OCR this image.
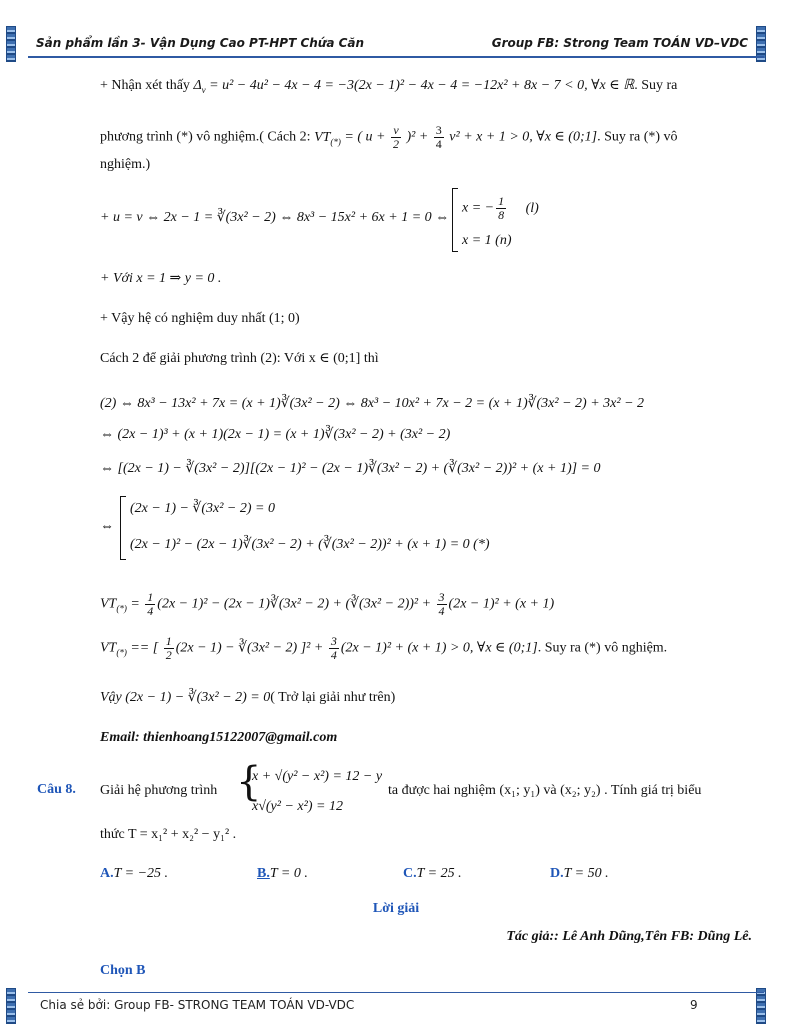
Sản phẩm lần 3- Vận Dụng Cao PT-HPT Chứa Căn	Group FB: Strong Team TOÁN VD–VDC
+ Nhận xét thấy $\Delta_v = u^2 - 4u^2 - 4x - 4 = -3(2x - 1)^2 - 4x - 4 = -12x^2 + 8x - 7 < 0$, ∀x ∈ ℝ. Suy ra
phương trình (*) vô nghiệm.( Cách 2: $VT_{(*)}$ = ( $u + \frac{v}{2} )^2 + \frac{3}{4} v^2 + x + 1 > 0$, ∀x ∈ (0;1]. Suy ra (*) vô
nghiệm.)
+ u = v ⇔ 2x − 1 = ∛(3x² − 2) ⇔ 8x³ − 15x² + 6x + 1 = 0 ⇔
x = − $\frac{1}{8} (l)$
x = 1 (n)
+ Với x = 1 ⇒ y = 0 .
+ Vậy hệ có nghiệm duy nhất (1; 0)
Cách 2 để giải phương trình (2): Với x ∈ (0;1] thì
(2) ⇔ 8x³ − 13x² + 7x = (x + 1)∛(3x² − 2) ⇔ 8x³ − 10x² + 7x − 2 = (x + 1)∛(3x² − 2) + 3x² − 2
⇔ (2x − 1)³ + (x + 1)(2x − 1) = (x + 1)∛(3x² − 2) + (3x² − 2)
⇔ [(2x − 1) − ∛(3x² − 2)][(2x − 1)² − (2x − 1)∛(3x² − 2) + (∛(3x² − 2))² + (x + 1)] = 0
⇔
(2x − 1) − ∛(3x² − 2) = 0
(2x − 1)² − (2x − 1)∛(3x² − 2) + (∛(3x² − 2))² + (x + 1) = 0 (*)
$VT_{(*)} = \frac{1}{4} (2x - 1)^2 - (2x$ − 1)∛(3x² − 2) + (∛(3x² − $2))^2 + \frac{3}{4} (2x - 1)^2 + (x + 1)$
$VT_{(*)}$ == [ $\frac{1}{2} (2x - 1)$ − ∛(3x² − 2) ]$^2 + \frac{3}{4} (2x - 1)^2 + (x + 1) > 0$, ∀x ∈ (0;1]. Suy ra (*) vô nghiệm.
Vậy (2x − 1) − ∛(3x² − 2) = 0( Trở lại giải như trên)
Email: thienhoang15122007@gmail.com
Câu 8. Giải hệ phương trình {
x + √(y² − x²) = 12 − y
x√(y² − x²) = 12
ta được hai nghiệm (x₁; y₁) và (x₂; y₂) . Tính giá trị biểu
thức T = x₁² + x₂² − y₁² .
A.T = −25 .	B.T = 0 .	C.T = 25 .	D.T = 50 .
Lời giải
Tác giả:: Lê Anh Dũng,Tên FB: Dũng Lê.
Chọn B
Chia sẻ bởi: Group FB- STRONG TEAM TOÁN VD-VDC	9
